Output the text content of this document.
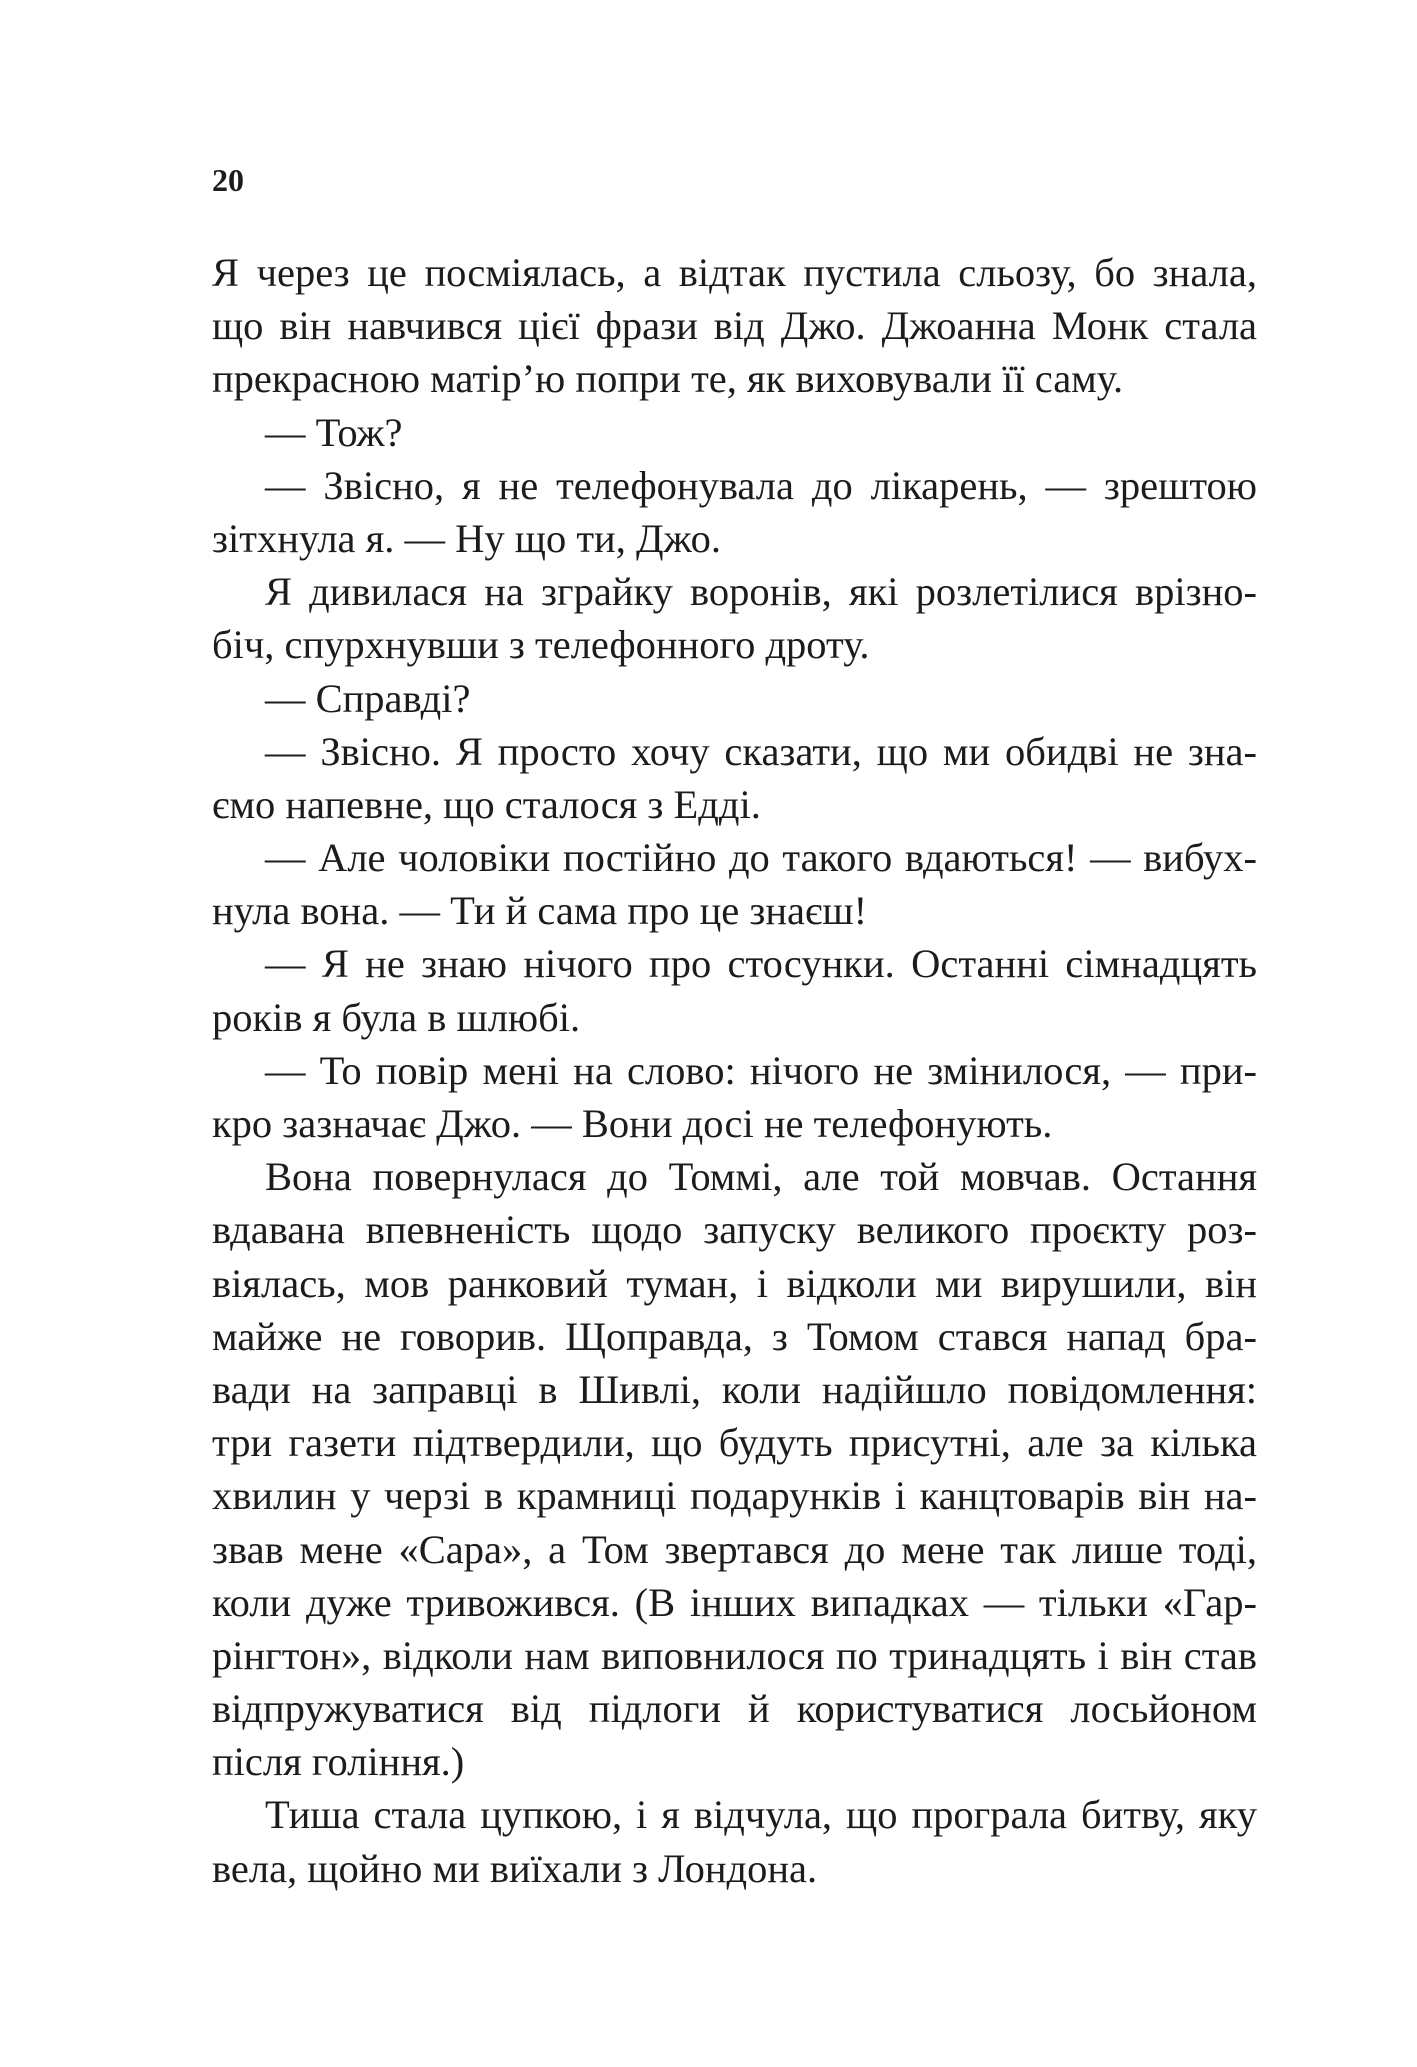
20

Я через це посміялась, а відтак пустила сльозу, бо знала,
що він навчився цієї фрази від Джо. Джоанна Монк стала
прекрасною матір’ю попри те, як виховували її саму.
— Тож?
— Звісно, я не телефонувала до лікарень, — зрештою
зітхнула я. — Ну що ти, Джо.
Я дивилася на зграйку воронів, які розлетілися врізно-
біч, спурхнувши з телефонного дроту.
— Справді?
— Звісно. Я просто хочу сказати, що ми обидві не зна-
ємо напевне, що сталося з Едді.
— Але чоловіки постійно до такого вдаються! — вибух-
нула вона. — Ти й сама про це знаєш!
— Я не знаю нічого про стосунки. Останні сімнадцять
років я була в шлюбі.
— То повір мені на слово: нічого не змінилося, — при-
кро зазначає Джо. — Вони досі не телефонують.
Вона повернулася до Томмі, але той мовчав. Остання
вдавана впевненість щодо запуску великого проєкту роз-
віялась, мов ранковий туман, і відколи ми вирушили, він
майже не говорив. Щоправда, з Томом стався напад бра-
вади на заправці в Шивлі, коли надійшло повідомлення:
три газети підтвердили, що будуть присутні, але за кілька
хвилин у черзі в крамниці подарунків і канцтоварів він на-
звав мене «Сара», а Том звертався до мене так лише тоді,
коли дуже тривожився. (В інших випадках — тільки «Гар-
рінгтон», відколи нам виповнилося по тринадцять і він став
відпружуватися від підлоги й користуватися лосьйоном
після гоління.)
Тиша стала цупкою, і я відчула, що програла битву, яку
вела, щойно ми виїхали з Лондона.
